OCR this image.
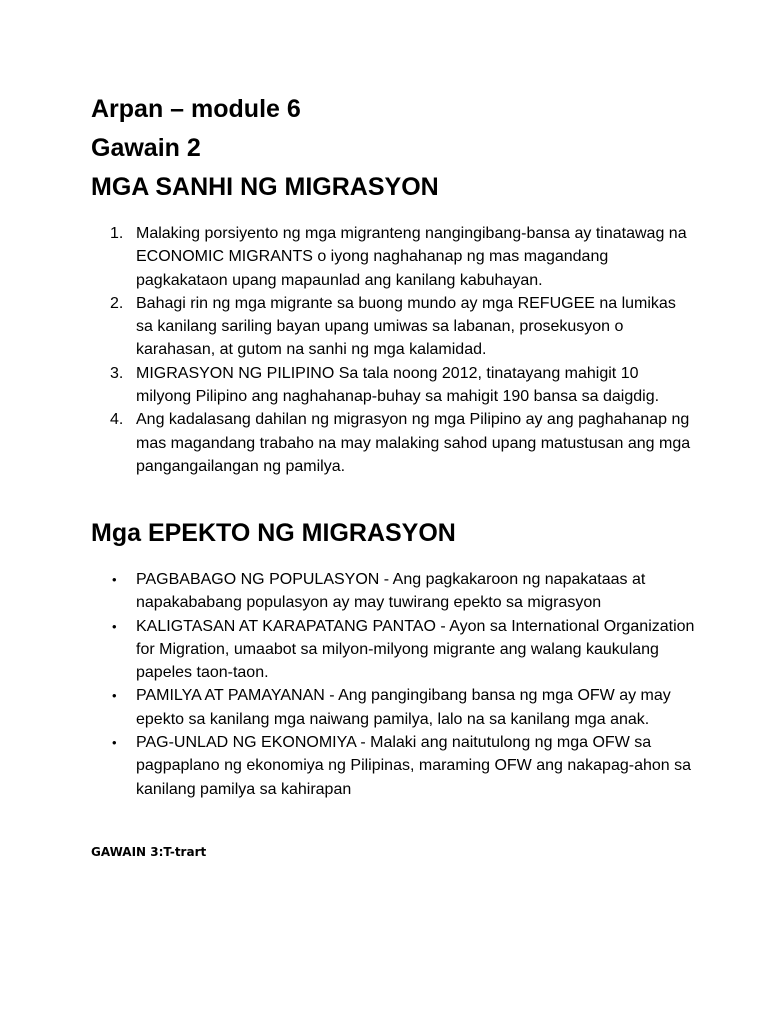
Arpan – module 6
Gawain 2
MGA SANHI NG MIGRASYON
1. Malaking porsiyento ng mga migranteng nangingibang-bansa ay tinatawag na ECONOMIC MIGRANTS o iyong naghahanap ng mas magandang pagkakataon upang mapaunlad ang kanilang kabuhayan.
2. Bahagi rin ng mga migrante sa buong mundo ay mga REFUGEE na lumikas sa kanilang sariling bayan upang umiwas sa labanan, prosekusyon o karahasan, at gutom na sanhi ng mga kalamidad.
3. MIGRASYON NG PILIPINO Sa tala noong 2012, tinatayang mahigit 10 milyong Pilipino ang naghahanap-buhay sa mahigit 190 bansa sa daigdig.
4. Ang kadalasang dahilan ng migrasyon ng mga Pilipino ay ang paghahanap ng mas magandang trabaho na may malaking sahod upang matustusan ang mga pangangailangan ng pamilya.
Mga EPEKTO NG MIGRASYON
• PAGBABAGO NG POPULASYON - Ang pagkakaroon ng napakataas at napakababang populasyon ay may tuwirang epekto sa migrasyon
• KALIGTASAN AT KARAPATANG PANTAO - Ayon sa International Organization for Migration, umaabot sa milyon-milyong migrante ang walang kaukulang papeles taon-taon.
• PAMILYA AT PAMAYANAN - Ang pangingibang bansa ng mga OFW ay may epekto sa kanilang mga naiwang pamilya, lalo na sa kanilang mga anak.
• PAG-UNLAD NG EKONOMIYA - Malaki ang naitutulong ng mga OFW sa pagpaplano ng ekonomiya ng Pilipinas, maraming OFW ang nakapag-ahon sa kanilang pamilya sa kahirapan
GAWAIN 3:T-trart
